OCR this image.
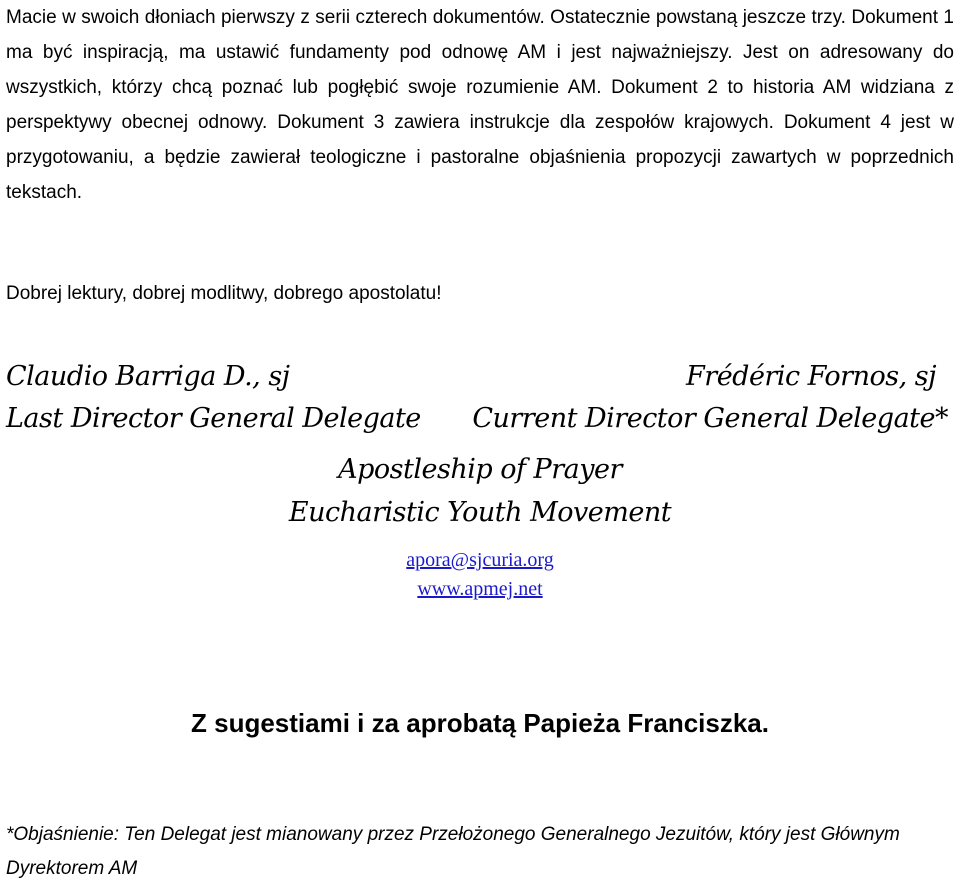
Macie w swoich dłoniach pierwszy z serii czterech dokumentów. Ostatecznie powstaną jeszcze trzy. Dokument 1 ma być inspiracją, ma ustawić fundamenty pod odnowę AM i jest najważniejszy. Jest on adresowany do wszystkich, którzy chcą poznać lub pogłębić swoje rozumienie AM. Dokument 2 to historia AM widziana z perspektywy obecnej odnowy. Dokument 3 zawiera instrukcje dla zespołów krajowych. Dokument 4 jest w przygotowaniu, a będzie zawierał teologiczne i pastoralne objaśnienia propozycji zawartych w poprzednich tekstach.

Dobrej lektury, dobrej modlitwy, dobrego apostolatu!

Claudio Barriga D., sj
Last Director General Delegate
Frédéric Fornos, sj
Current Director General Delegate*
Apostleship of Prayer
Eucharistic Youth Movement
apora@sjcuria.org
www.apmej.net

Z sugestiami i za aprobatą Papieża Franciszka.

*Objaśnienie: Ten Delegat jest mianowany przez Przełożonego Generalnego Jezuitów, który jest Głównym Dyrektorem AM
